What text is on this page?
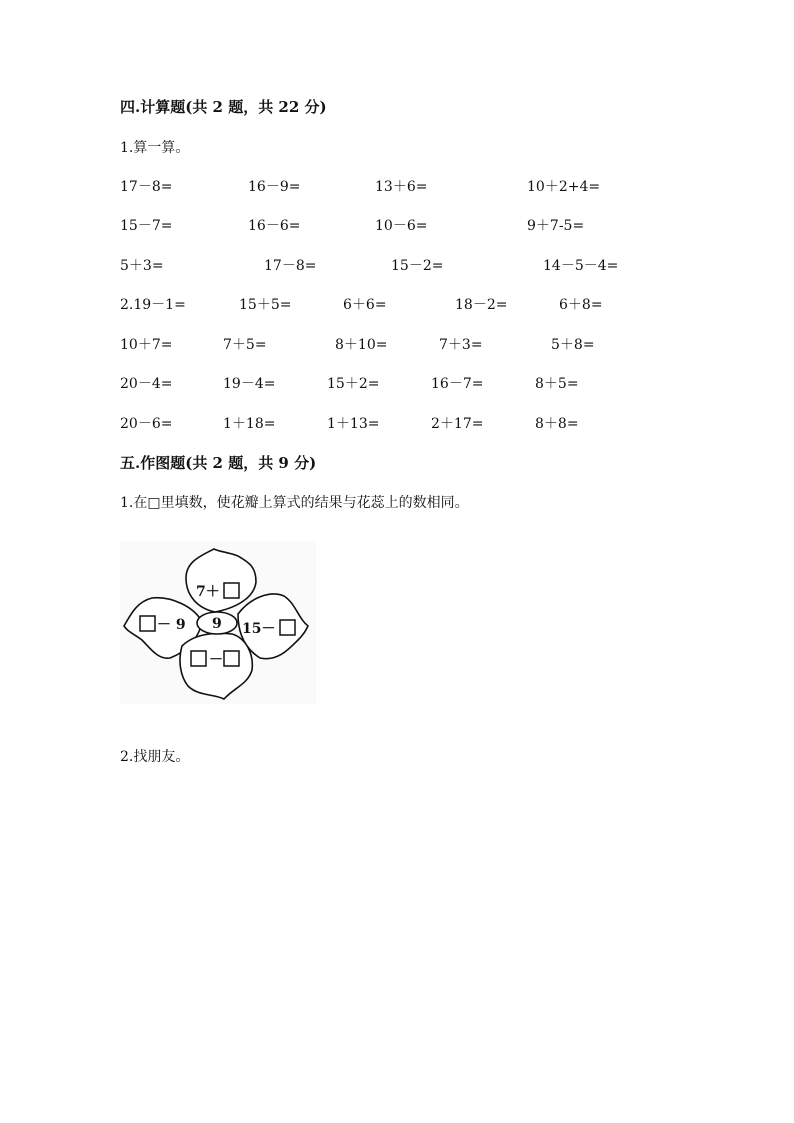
四.计算题(共 2 题，共 22 分)
1.算一算。
17－8=	16－9=	13＋6=	10＋2+4=
15－7=	16－6=	10－6=	9＋7-5=
5＋3=	17－8=	15－2=	14－5－4=
2.19－1=	15＋5=	6＋6=	18－2=	6＋8=
10＋7=	7＋5=	8＋10=	7＋3=	5＋8=
20－4=	19－4=	15＋2=	16－7=	8＋5=
20－6=	1＋18=	1＋13=	2＋17=	8＋8=
五.作图题(共 2 题，共 9 分)
1.在□里填数，使花瓣上算式的结果与花蕊上的数相同。
9
7＋
－ 9	15－
－
2.找朋友。
